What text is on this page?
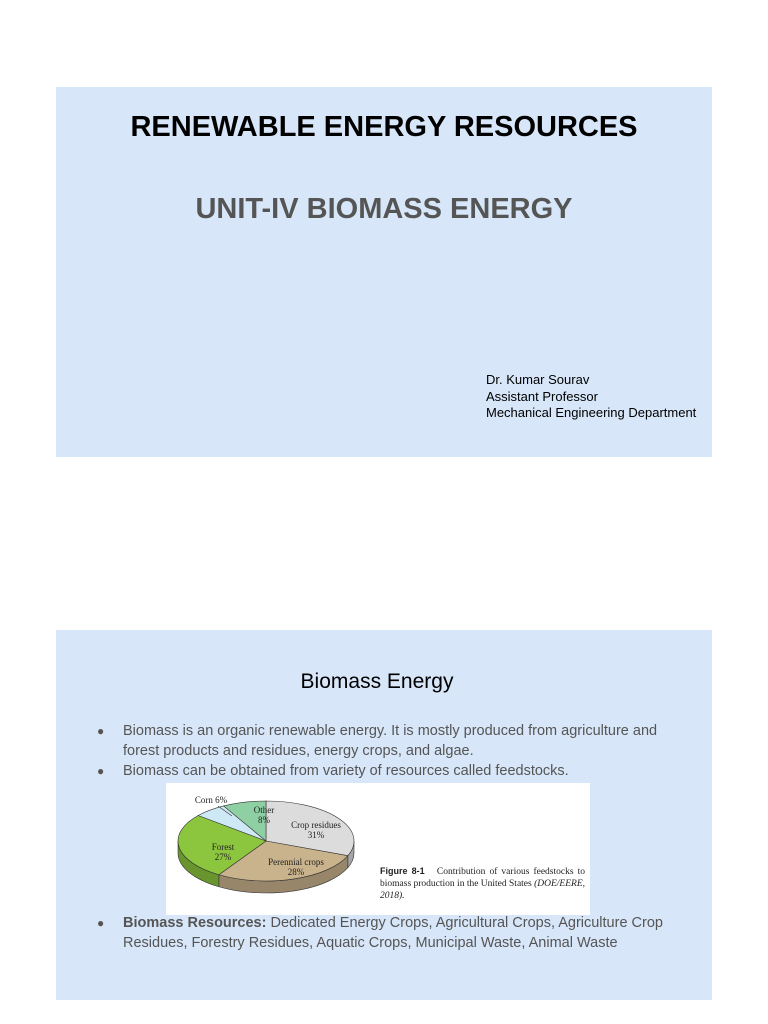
RENEWABLE ENERGY RESOURCES
UNIT-IV BIOMASS ENERGY
Dr. Kumar Sourav
Assistant Professor
Mechanical Engineering Department
Biomass Energy
● Biomass is an organic renewable energy. It is mostly produced from agriculture and forest products and residues, energy crops, and algae.
● Biomass can be obtained from variety of resources called feedstocks.
Crop residues 31%
Perennial crops 28%
Forest 27%
Corn 6%
Other 8%
Figure 8-1 Contribution of various feedstocks to biomass production in the United States (DOE/EERE, 2018).
● Biomass Resources: Dedicated Energy Crops, Agricultural Crops, Agriculture Crop Residues, Forestry Residues, Aquatic Crops, Municipal Waste, Animal Waste
